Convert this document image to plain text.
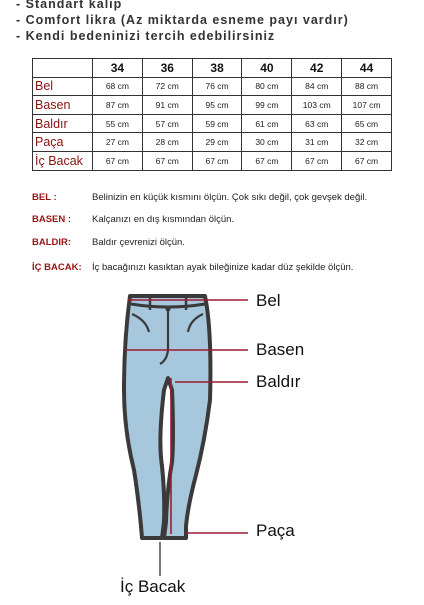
- Standart kalıp
- Comfort likra (Az miktarda esneme payı vardır)
- Kendi bedeninizi tercih edebilirsiniz
	34	36	38	40	42	44
Bel	68 cm	72 cm	76 cm	80 cm	84 cm	88 cm
Basen	87 cm	91 cm	95 cm	99 cm	103 cm	107 cm
Baldır	55 cm	57 cm	59 cm	61 cm	63 cm	65 cm
Paça	27 cm	28 cm	29 cm	30 cm	31 cm	32 cm
İç Bacak	67 cm	67 cm	67 cm	67 cm	67 cm	67 cm
BEL :	Belinizin en küçük kısmını ölçün. Çok sıkı değil, çok gevşek değil.
BASEN : Kalçanızı en dış kısmından ölçün.
BALDIR: Baldır çevrenizi ölçün.
İÇ BACAK: İç bacağınızı kasıktan ayak bileğinize kadar düz şekilde ölçün.
Bel
Basen
Baldır
Paça
İç Bacak
